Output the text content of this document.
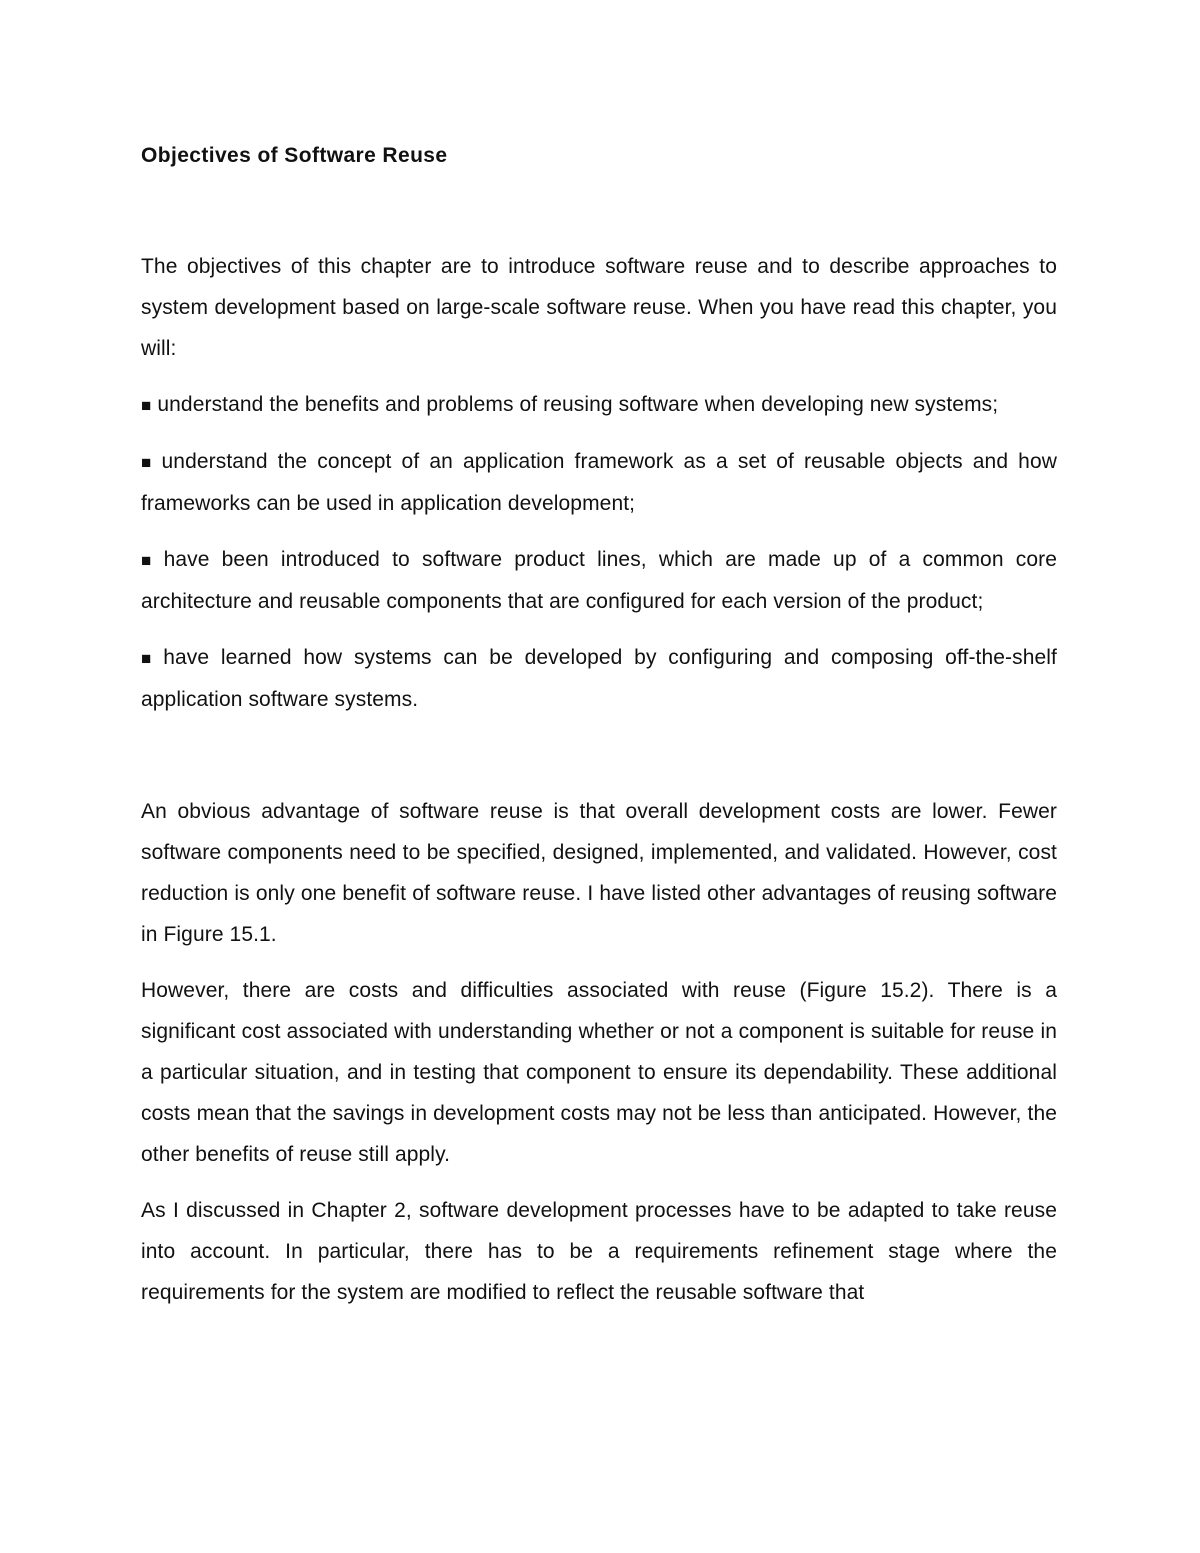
Objectives of Software Reuse

The objectives of this chapter are to introduce software reuse and to describe approaches to system development based on large-scale software reuse. When you have read this chapter, you will:

■ understand the benefits and problems of reusing software when developing new systems;
■ understand the concept of an application framework as a set of reusable objects and how frameworks can be used in application development;
■ have been introduced to software product lines, which are made up of a common core architecture and reusable components that are configured for each version of the product;
■ have learned how systems can be developed by configuring and composing off-the-shelf application software systems.

An obvious advantage of software reuse is that overall development costs are lower. Fewer software components need to be specified, designed, implemented, and validated. However, cost reduction is only one benefit of software reuse. I have listed other advantages of reusing software in Figure 15.1.

However, there are costs and difficulties associated with reuse (Figure 15.2). There is a significant cost associated with understanding whether or not a component is suitable for reuse in a particular situation, and in testing that component to ensure its dependability. These additional costs mean that the savings in development costs may not be less than anticipated. However, the other benefits of reuse still apply.

As I discussed in Chapter 2, software development processes have to be adapted to take reuse into account. In particular, there has to be a requirements refinement stage where the requirements for the system are modified to reflect the reusable software that
